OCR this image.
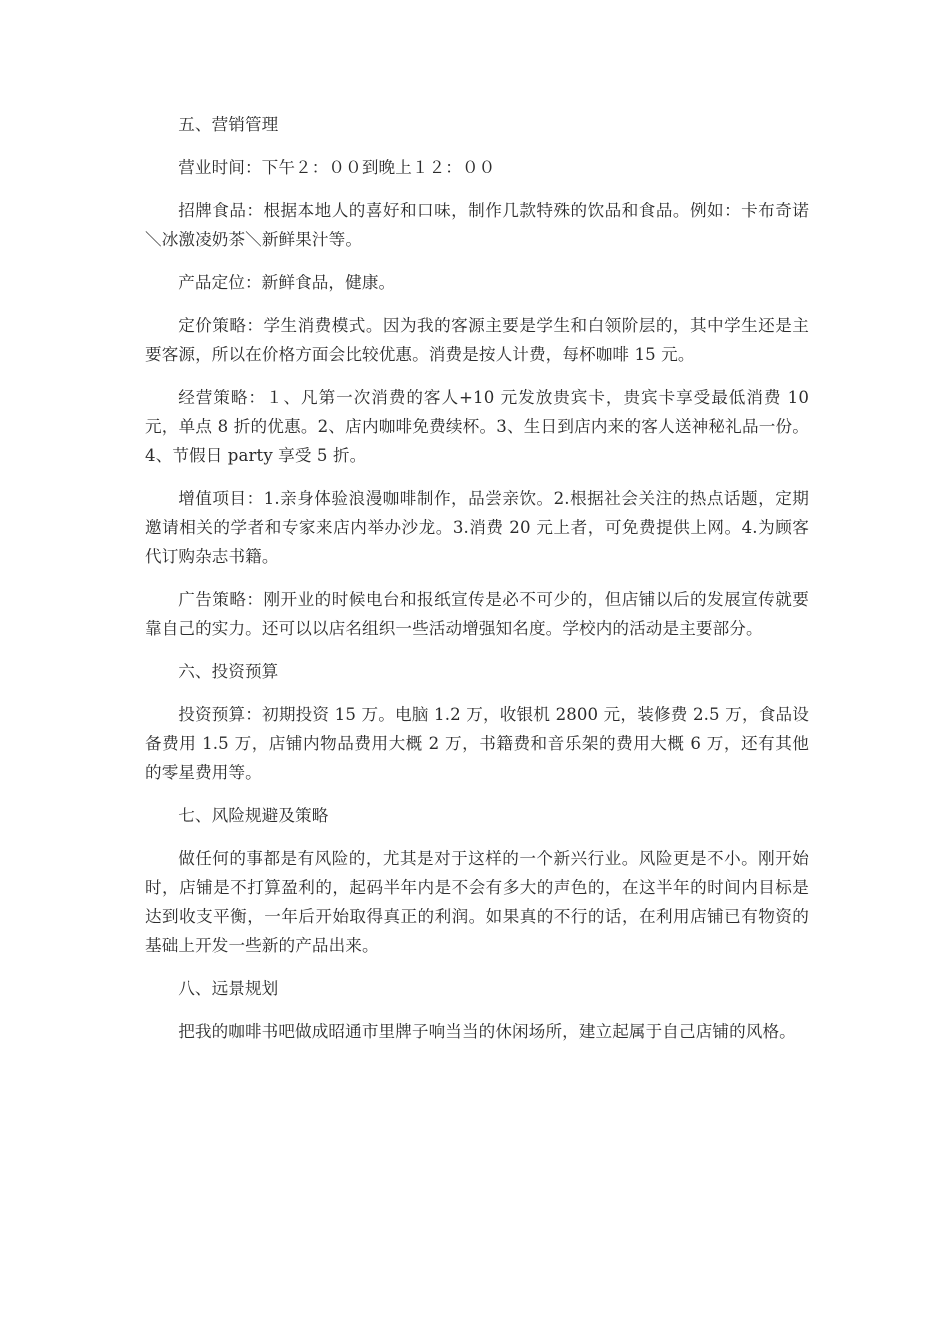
五、营销管理

营业时间：下午２：００到晚上１２：００

招牌食品：根据本地人的喜好和口味，制作几款特殊的饮品和食品。例如：卡布奇诺＼冰激凌奶茶＼新鲜果汁等。

产品定位：新鲜食品，健康。

定价策略：学生消费模式。因为我的客源主要是学生和白领阶层的，其中学生还是主要客源，所以在价格方面会比较优惠。消费是按人计费，每杯咖啡 15 元。

经营策略：１、凡第一次消费的客人+10 元发放贵宾卡，贵宾卡享受最低消费 10 元，单点 8 折的优惠。2、店内咖啡免费续杯。3、生日到店内来的客人送神秘礼品一份。4、节假日 party 享受 5 折。

增值项目：1.亲身体验浪漫咖啡制作，品尝亲饮。2.根据社会关注的热点话题，定期邀请相关的学者和专家来店内举办沙龙。3.消费 20 元上者，可免费提供上网。4.为顾客代订购杂志书籍。

广告策略：刚开业的时候电台和报纸宣传是必不可少的，但店铺以后的发展宣传就要靠自己的实力。还可以以店名组织一些活动增强知名度。学校内的活动是主要部分。

六、投资预算

投资预算：初期投资 15 万。电脑 1.2 万，收银机 2800 元，装修费 2.5 万，食品设备费用 1.5 万，店铺内物品费用大概 2 万，书籍费和音乐架的费用大概 6 万，还有其他的零星费用等。

七、风险规避及策略

做任何的事都是有风险的，尤其是对于这样的一个新兴行业。风险更是不小。刚开始时，店铺是不打算盈利的，起码半年内是不会有多大的声色的，在这半年的时间内目标是达到收支平衡，一年后开始取得真正的利润。如果真的不行的话，在利用店铺已有物资的基础上开发一些新的产品出来。

八、远景规划

把我的咖啡书吧做成昭通市里牌子响当当的休闲场所，建立起属于自己店铺的风格。
